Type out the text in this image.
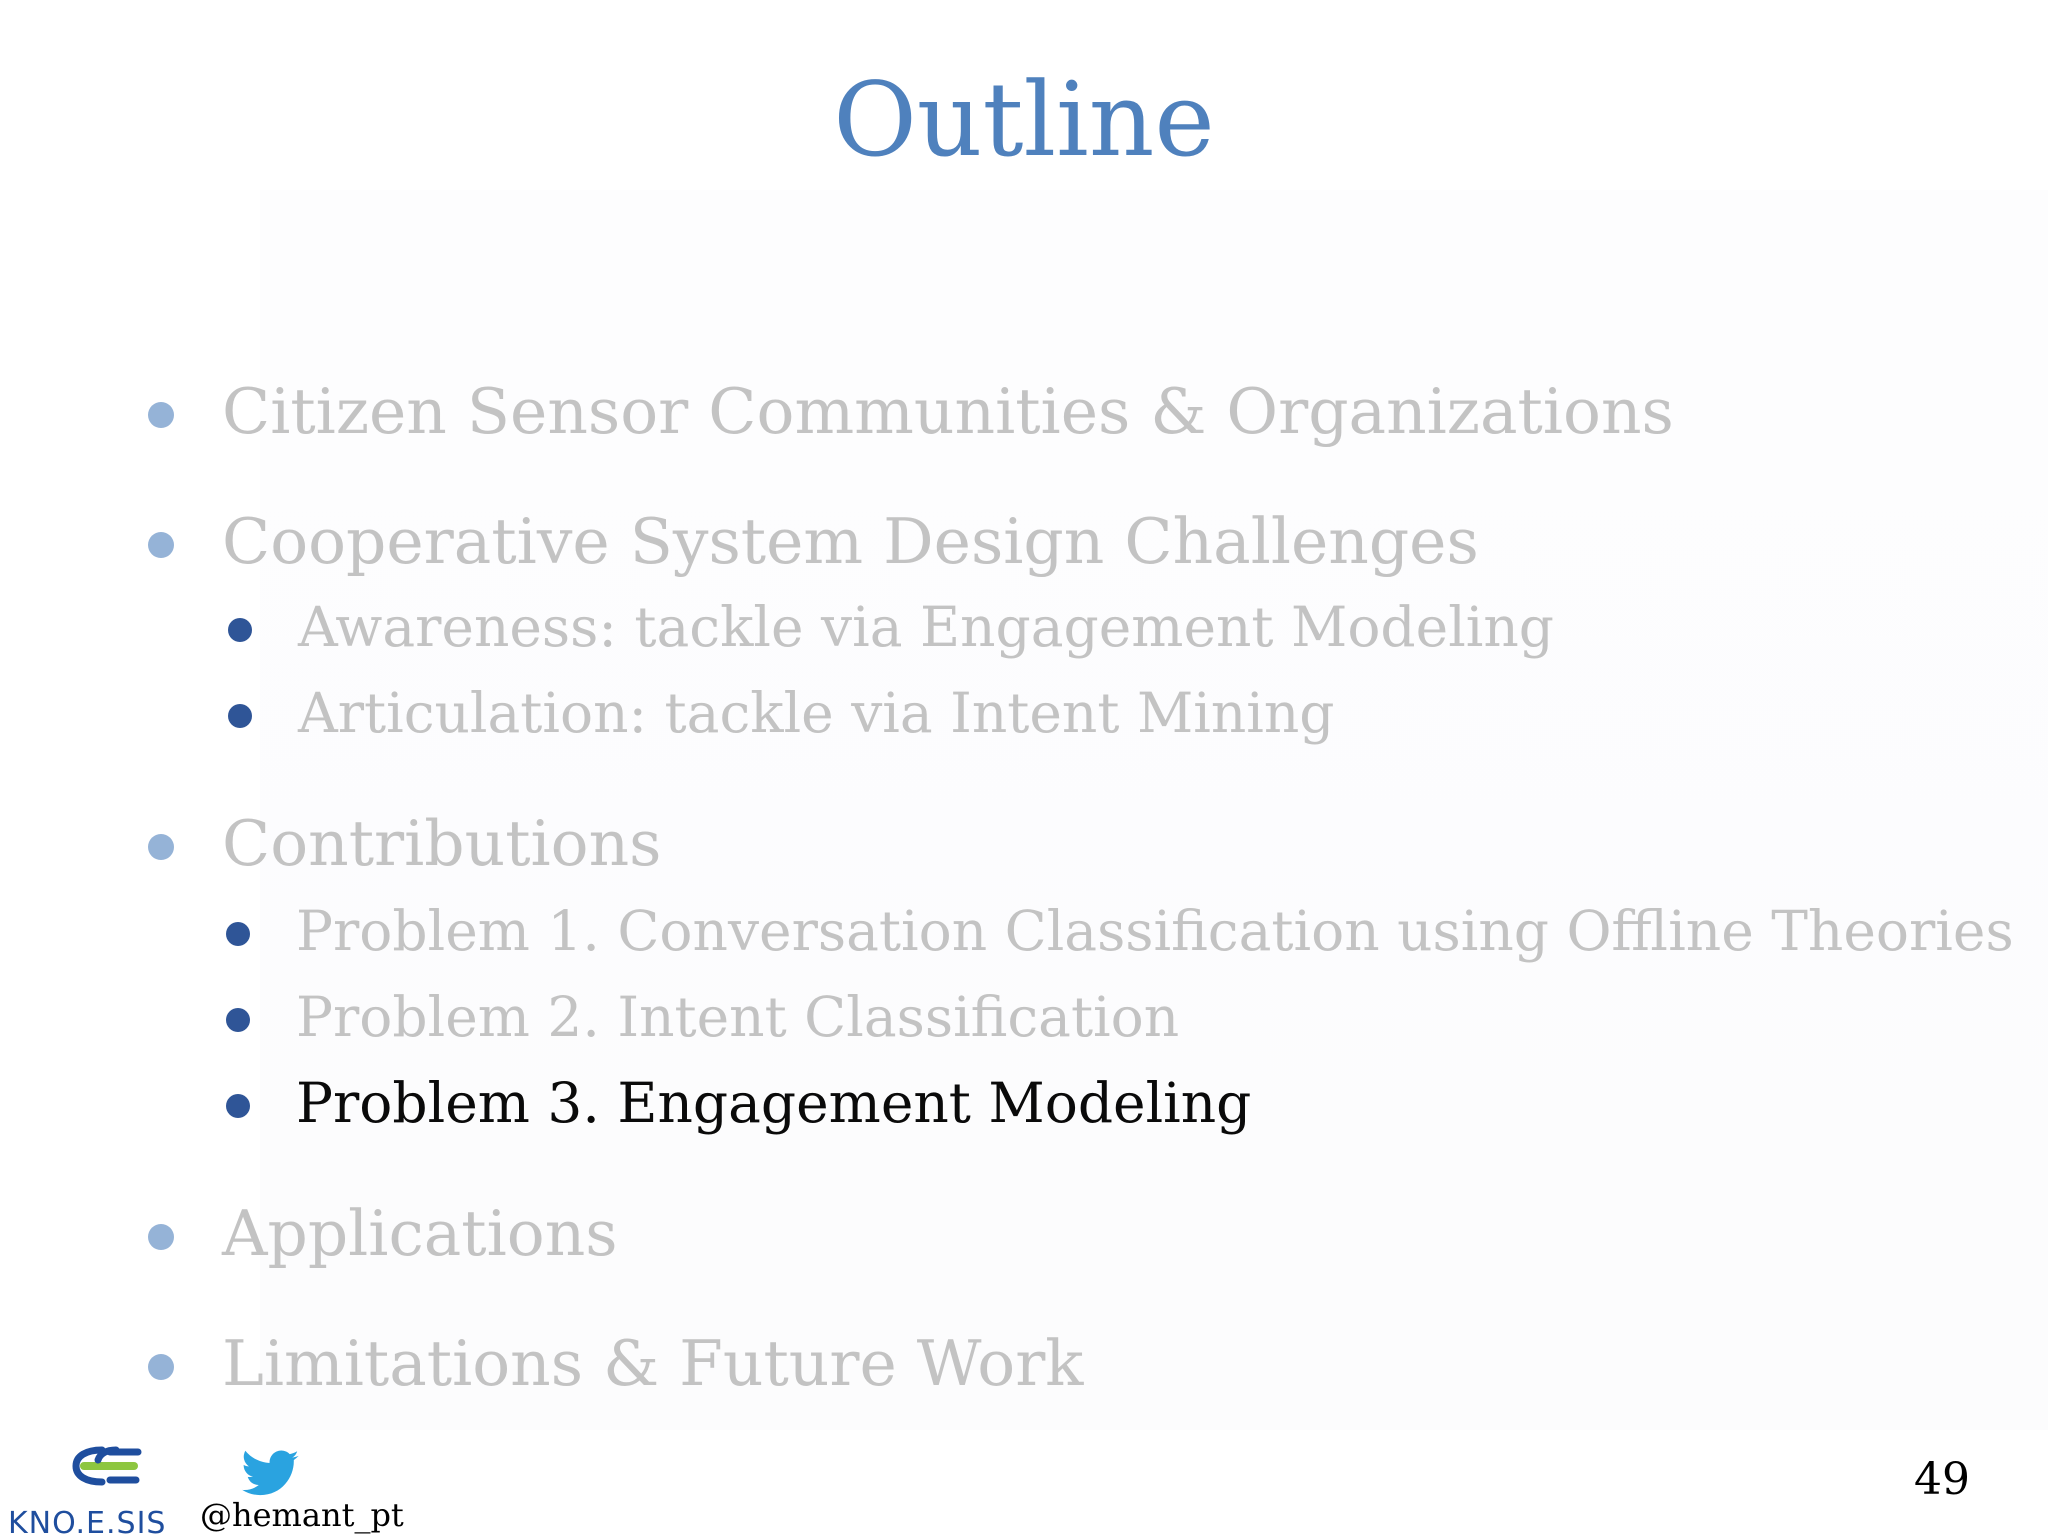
Outline
Citizen Sensor Communities & Organizations
Cooperative System Design Challenges
Awareness: tackle via Engagement Modeling
Articulation: tackle via Intent Mining
Contributions
Problem 1. Conversation Classification using Offline Theories
Problem 2. Intent Classification
Problem 3. Engagement Modeling
Applications
Limitations & Future Work
KNO.E.SIS @hemant_pt
49
